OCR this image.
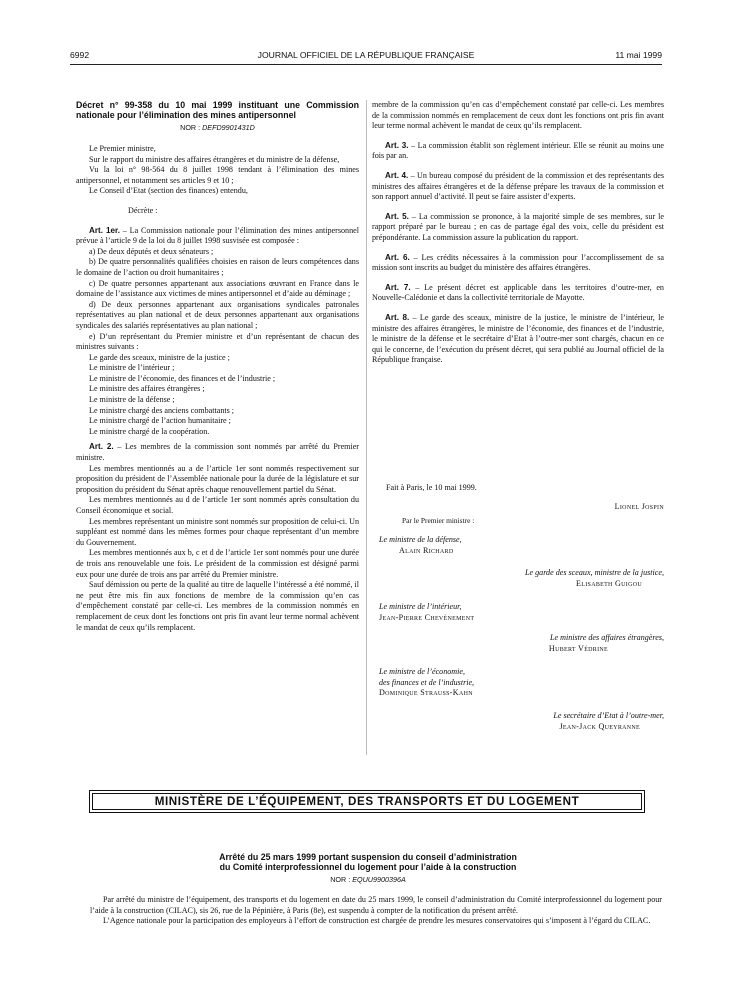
6992	JOURNAL OFFICIEL DE LA RÉPUBLIQUE FRANÇAISE	11 mai 1999

Décret n° 99-358 du 10 mai 1999 instituant une Commission nationale pour l’élimination des mines antipersonnel

NOR : DEFD9901431D

Le Premier ministre,

Sur le rapport du ministre des affaires étrangères et du ministre de la défense,

Vu la loi n° 98-564 du 8 juillet 1998 tendant à l’élimination des mines antipersonnel, et notamment ses articles 9 et 10 ;

Le Conseil d’Etat (section des finances) entendu,

Décrète :

Art. 1er. – La Commission nationale pour l’élimination des mines antipersonnel prévue à l’article 9 de la loi du 8 juillet 1998 susvisée est composée :

a) De deux députés et deux sénateurs ;

b) De quatre personnalités qualifiées choisies en raison de leurs compétences dans le domaine de l’action ou droit humanitaires ;

c) De quatre personnes appartenant aux associations œuvrant en France dans le domaine de l’assistance aux victimes de mines antipersonnel et d’aide au déminage ;

d) De deux personnes appartenant aux organisations syndicales patronales représentatives au plan national et de deux personnes appartenant aux organisations syndicales des salariés représentatives au plan national ;

e) D’un représentant du Premier ministre et d’un représentant de chacun des ministres suivants :

Le garde des sceaux, ministre de la justice ;

Le ministre de l’intérieur ;

Le ministre de l’économie, des finances et de l’industrie ;

Le ministre des affaires étrangères ;

Le ministre de la défense ;

Le ministre chargé des anciens combattants ;

Le ministre chargé de l’action humanitaire ;

Le ministre chargé de la coopération.

Art. 2. – Les membres de la commission sont nommés par arrêté du Premier ministre.

Les membres mentionnés au a de l’article 1er sont nommés respectivement sur proposition du président de l’Assemblée nationale pour la durée de la législature et sur proposition du président du Sénat après chaque renouvellement partiel du Sénat.

Les membres mentionnés au d de l’article 1er sont nommés après consultation du Conseil économique et social.

Les membres représentant un ministre sont nommés sur proposition de celui-ci. Un suppléant est nommé dans les mêmes formes pour chaque représentant d’un membre du Gouvernement.

Les membres mentionnés aux b, c et d de l’article 1er sont nommés pour une durée de trois ans renouvelable une fois. Le président de la commission est désigné parmi eux pour une durée de trois ans par arrêté du Premier ministre.

Sauf démission ou perte de la qualité au titre de laquelle l’intéressé a été nommé, il ne peut être mis fin aux fonctions de membre de la commission qu’en cas d’empêchement constaté par celle-ci. Les membres de la commission nommés en remplacement de ceux dont les fonctions ont pris fin avant leur terme normal achèvent le mandat de ceux qu’ils remplacent.

membre de la commission qu’en cas d’empêchement constaté par celle-ci. Les membres de la commission nommés en remplacement de ceux dont les fonctions ont pris fin avant leur terme normal achèvent le mandat de ceux qu’ils remplacent.

Art. 3. – La commission établit son règlement intérieur. Elle se réunit au moins une fois par an.

Art. 4. – Un bureau composé du président de la commission et des représentants des ministres des affaires étrangères et de la défense prépare les travaux de la commission et son rapport annuel d’activité. Il peut se faire assister d’experts.

Art. 5. – La commission se prononce, à la majorité simple de ses membres, sur le rapport préparé par le bureau ; en cas de partage égal des voix, celle du président est prépondérante. La commission assure la publication du rapport.

Art. 6. – Les crédits nécessaires à la commission pour l’accomplissement de sa mission sont inscrits au budget du ministère des affaires étrangères.

Art. 7. – Le présent décret est applicable dans les territoires d’outre-mer, en Nouvelle-Calédonie et dans la collectivité territoriale de Mayotte.

Art. 8. – Le garde des sceaux, ministre de la justice, le ministre de l’intérieur, le ministre des affaires étrangères, le ministre de l’économie, des finances et de l’industrie, le ministre de la défense et le secrétaire d’Etat à l’outre-mer sont chargés, chacun en ce qui le concerne, de l’exécution du présent décret, qui sera publié au Journal officiel de la République française.

Fait à Paris, le 10 mai 1999.
Lionel Jospin
Par le Premier ministre :
Le ministre de la défense,
Alain Richard
Le garde des sceaux, ministre de la justice,
Elisabeth Guigou
Le ministre de l’intérieur,
Jean-Pierre Chevènement
Le ministre des affaires étrangères,
Hubert Védrine
Le ministre de l’économie,
des finances et de l’industrie,
Dominique Strauss-Kahn
Le secrétaire d’Etat à l’outre-mer,
Jean-Jack Queyranne
MINISTÈRE DE L’ÉQUIPEMENT, DES TRANSPORTS ET DU LOGEMENT
Arrêté du 25 mars 1999 portant suspension du conseil d’administration
du Comité interprofessionnel du logement pour l’aide à la construction
NOR : EQUU9900396A

Par arrêté du ministre de l’équipement, des transports et du logement en date du 25 mars 1999, le conseil d’administration du Comité interprofessionnel du logement pour l’aide à la construction (CILAC), sis 26, rue de la Pépinière, à Paris (8e), est suspendu à compter de la notification du présent arrêté.

L’Agence nationale pour la participation des employeurs à l’effort de construction est chargée de prendre les mesures conservatoires qui s’imposent à l’égard du CILAC.
